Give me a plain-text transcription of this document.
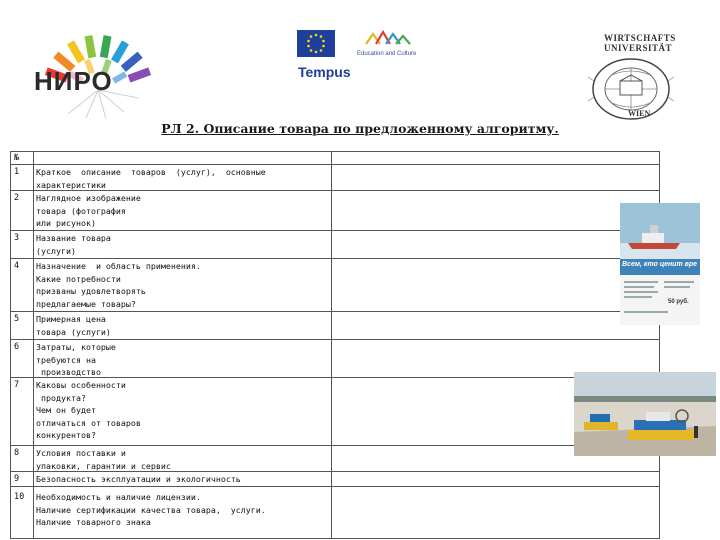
НИРО
Education and Culture
Tempus
WIRTSCHAFTS
UNIVERSITÄT
WIEN
РЛ 2. Описание товара по предложенному алгоритму.
№
1 Краткое  описание  товаров  (услуг),  основные
характеристики
2 Наглядное изображение
товара (фотография
или рисунок)
3 Название товара
(услуги)
4 Назначение  и область применения.
Какие потребности
призваны удовлетворять
предлагаемые товары?
5 Примерная цена
товара (услуги)
6 Затраты, которые
требуются на
производство
7 Каковы особенности
продукта?
Чем он будет
отличаться от товаров
конкурентов?
8 Условия поставки и
упаковки, гарантии и сервис
9 Безопасность эксплуатации и экологичность
10 Необходимость и наличие лицензии.
Наличие сертификации качества товара,  услуги.
Наличие товарного знака
Всем, кто ценит вре
50 руб.
